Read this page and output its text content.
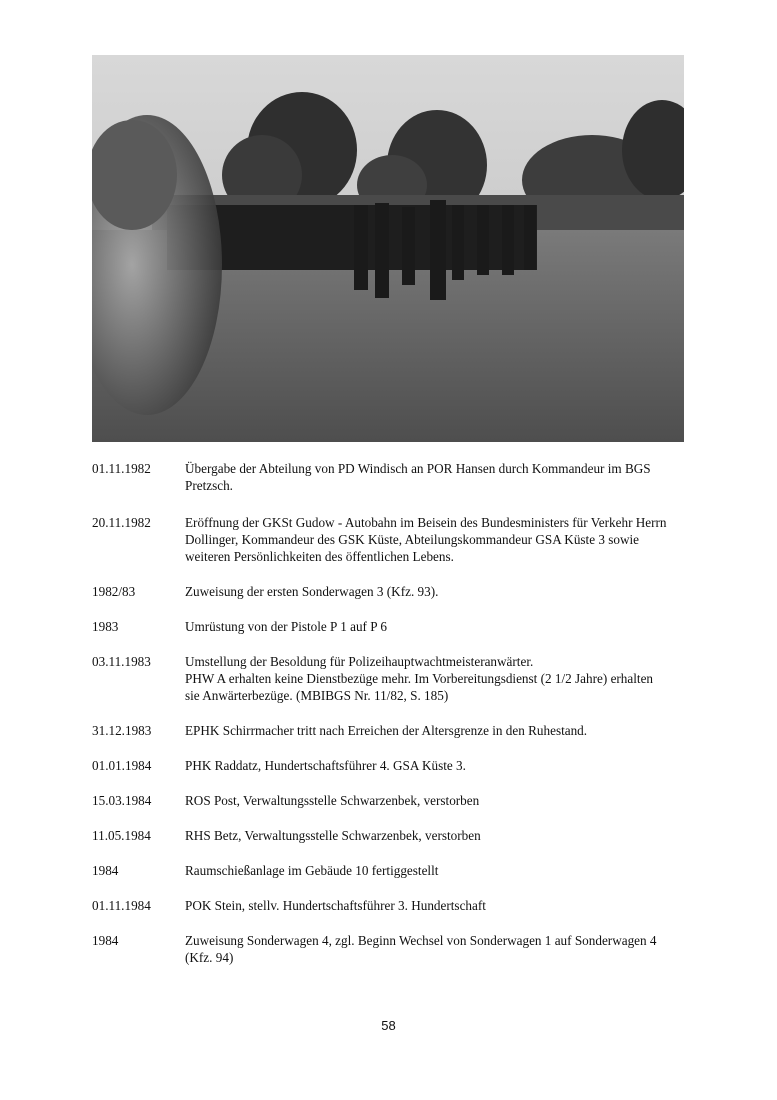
01.11.1982	Übergabe der Abteilung von PD Windisch an POR Hansen durch Kommandeur im BGS
Pretzsch.
20.11.1982	Eröffnung der GKSt Gudow - Autobahn im Beisein des Bundesministers für Verkehr Herrn
Dollinger, Kommandeur des GSK Küste, Abteilungskommandeur GSA Küste 3 sowie
weiteren Persönlichkeiten des öffentlichen Lebens.
1982/83	Zuweisung der ersten Sonderwagen 3 (Kfz. 93).
1983	Umrüstung von der Pistole P 1 auf P 6
03.11.1983	Umstellung der Besoldung für Polizeihauptwachtmeisteranwärter.
PHW A erhalten keine Dienstbezüge mehr. Im Vorbereitungsdienst (2 1/2 Jahre) erhalten
sie Anwärterbezüge. (MBIBGS Nr. 11/82, S. 185)
31.12.1983	EPHK Schirrmacher tritt nach Erreichen der Altersgrenze in den Ruhestand.
01.01.1984	PHK Raddatz, Hundertschaftsführer 4. GSA Küste 3.
15.03.1984	ROS Post, Verwaltungsstelle Schwarzenbek, verstorben
11.05.1984	RHS Betz, Verwaltungsstelle Schwarzenbek, verstorben
1984	Raumschießanlage im Gebäude 10 fertiggestellt
01.11.1984	POK Stein, stellv. Hundertschaftsführer 3. Hundertschaft
1984	Zuweisung Sonderwagen 4, zgl. Beginn Wechsel von Sonderwagen 1 auf Sonderwagen 4
(Kfz. 94)
58
